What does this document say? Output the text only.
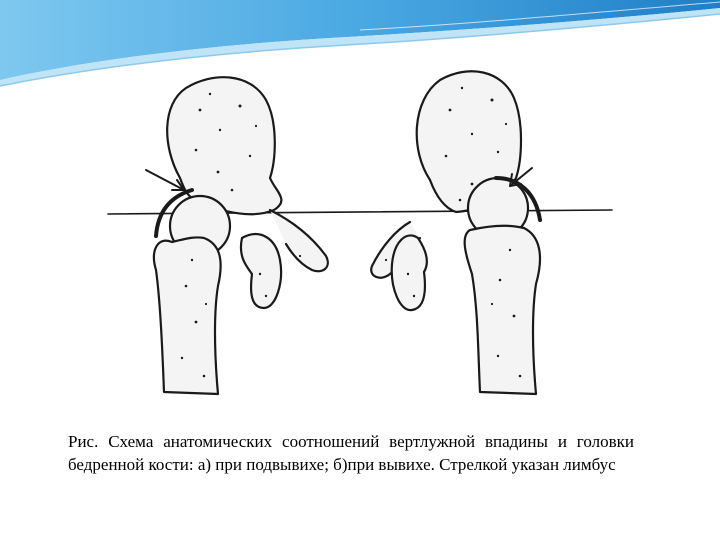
Рис. Схема анатомических соотношений вертлужной впадины и головки бедренной кости: а) при подвывихе; б)при вывихе. Стрелкой указан лимбус
